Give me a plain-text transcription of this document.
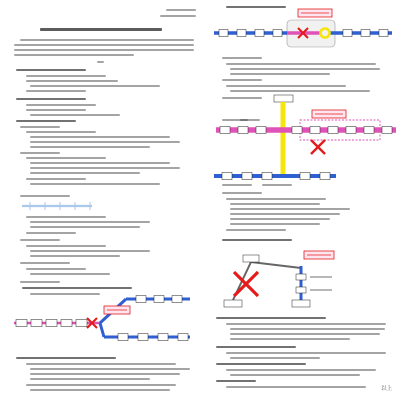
以上
